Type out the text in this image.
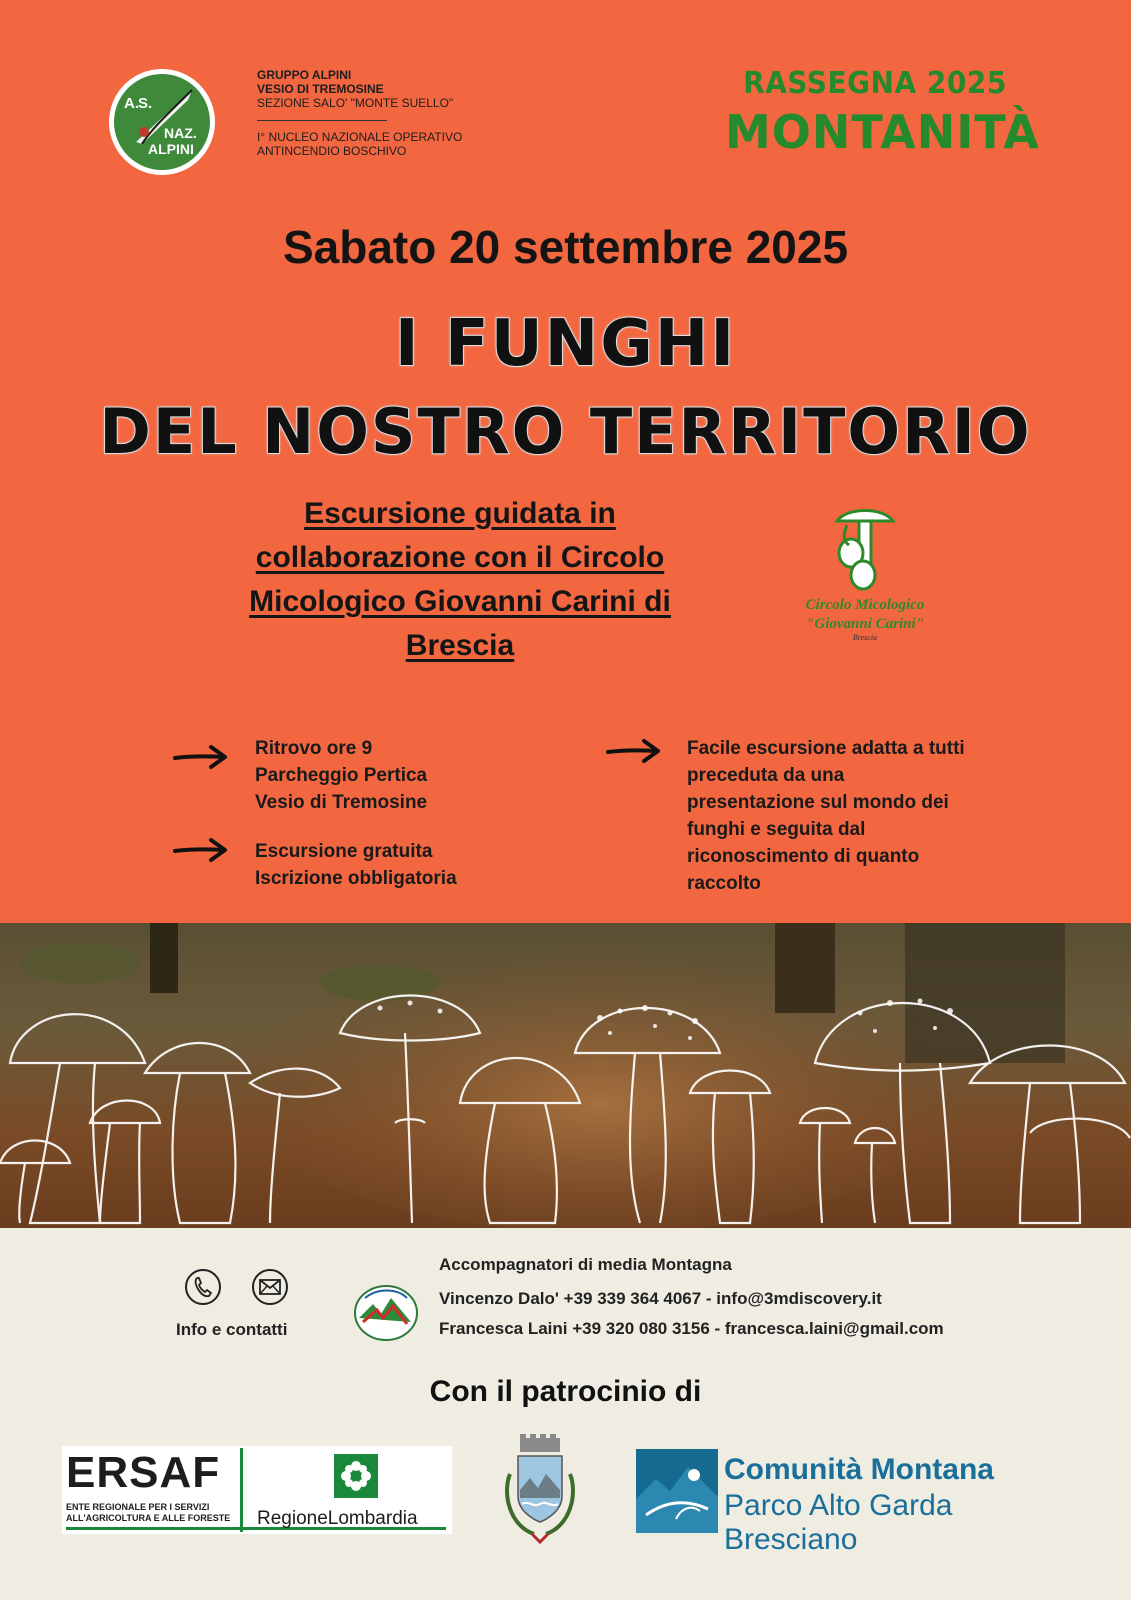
A. S.
NAZ.
ALPINI
GRUPPO ALPINI
VESIO DI TREMOSINE
SEZIONE SALO' "MONTE SUELLO"
I° NUCLEO NAZIONALE OPERATIVO
ANTINCENDIO BOSCHIVO
RASSEGNA 2025
MONTANITÀ
Sabato 20 settembre 2025
I FUNGHI
DEL NOSTRO TERRITORIO
Escursione guidata in collaborazione con il Circolo Micologico Giovanni Carini di Brescia
Circolo Micologico
"Giovanni Carini"
Brescia
Ritrovo ore 9
Parcheggio Pertica
Vesio di Tremosine
Escursione gratuita
Iscrizione obbligatoria
Facile escursione adatta a tutti
preceduta da una
presentazione sul mondo dei
funghi e seguita dal
riconoscimento di quanto
raccolto
Info e contatti
Accompagnatori di media Montagna
Vincenzo Dalo' +39 339 364 4067 - info@3mdiscovery.it
Francesca Laini +39 320 080 3156 - francesca.laini@gmail.com
Con il patrocinio di
ERSAF
ENTE REGIONALE PER I SERVIZI
ALL'AGRICOLTURA E ALLE FORESTE	RegioneLombardia
Comunità Montana
Parco Alto Garda Bresciano
